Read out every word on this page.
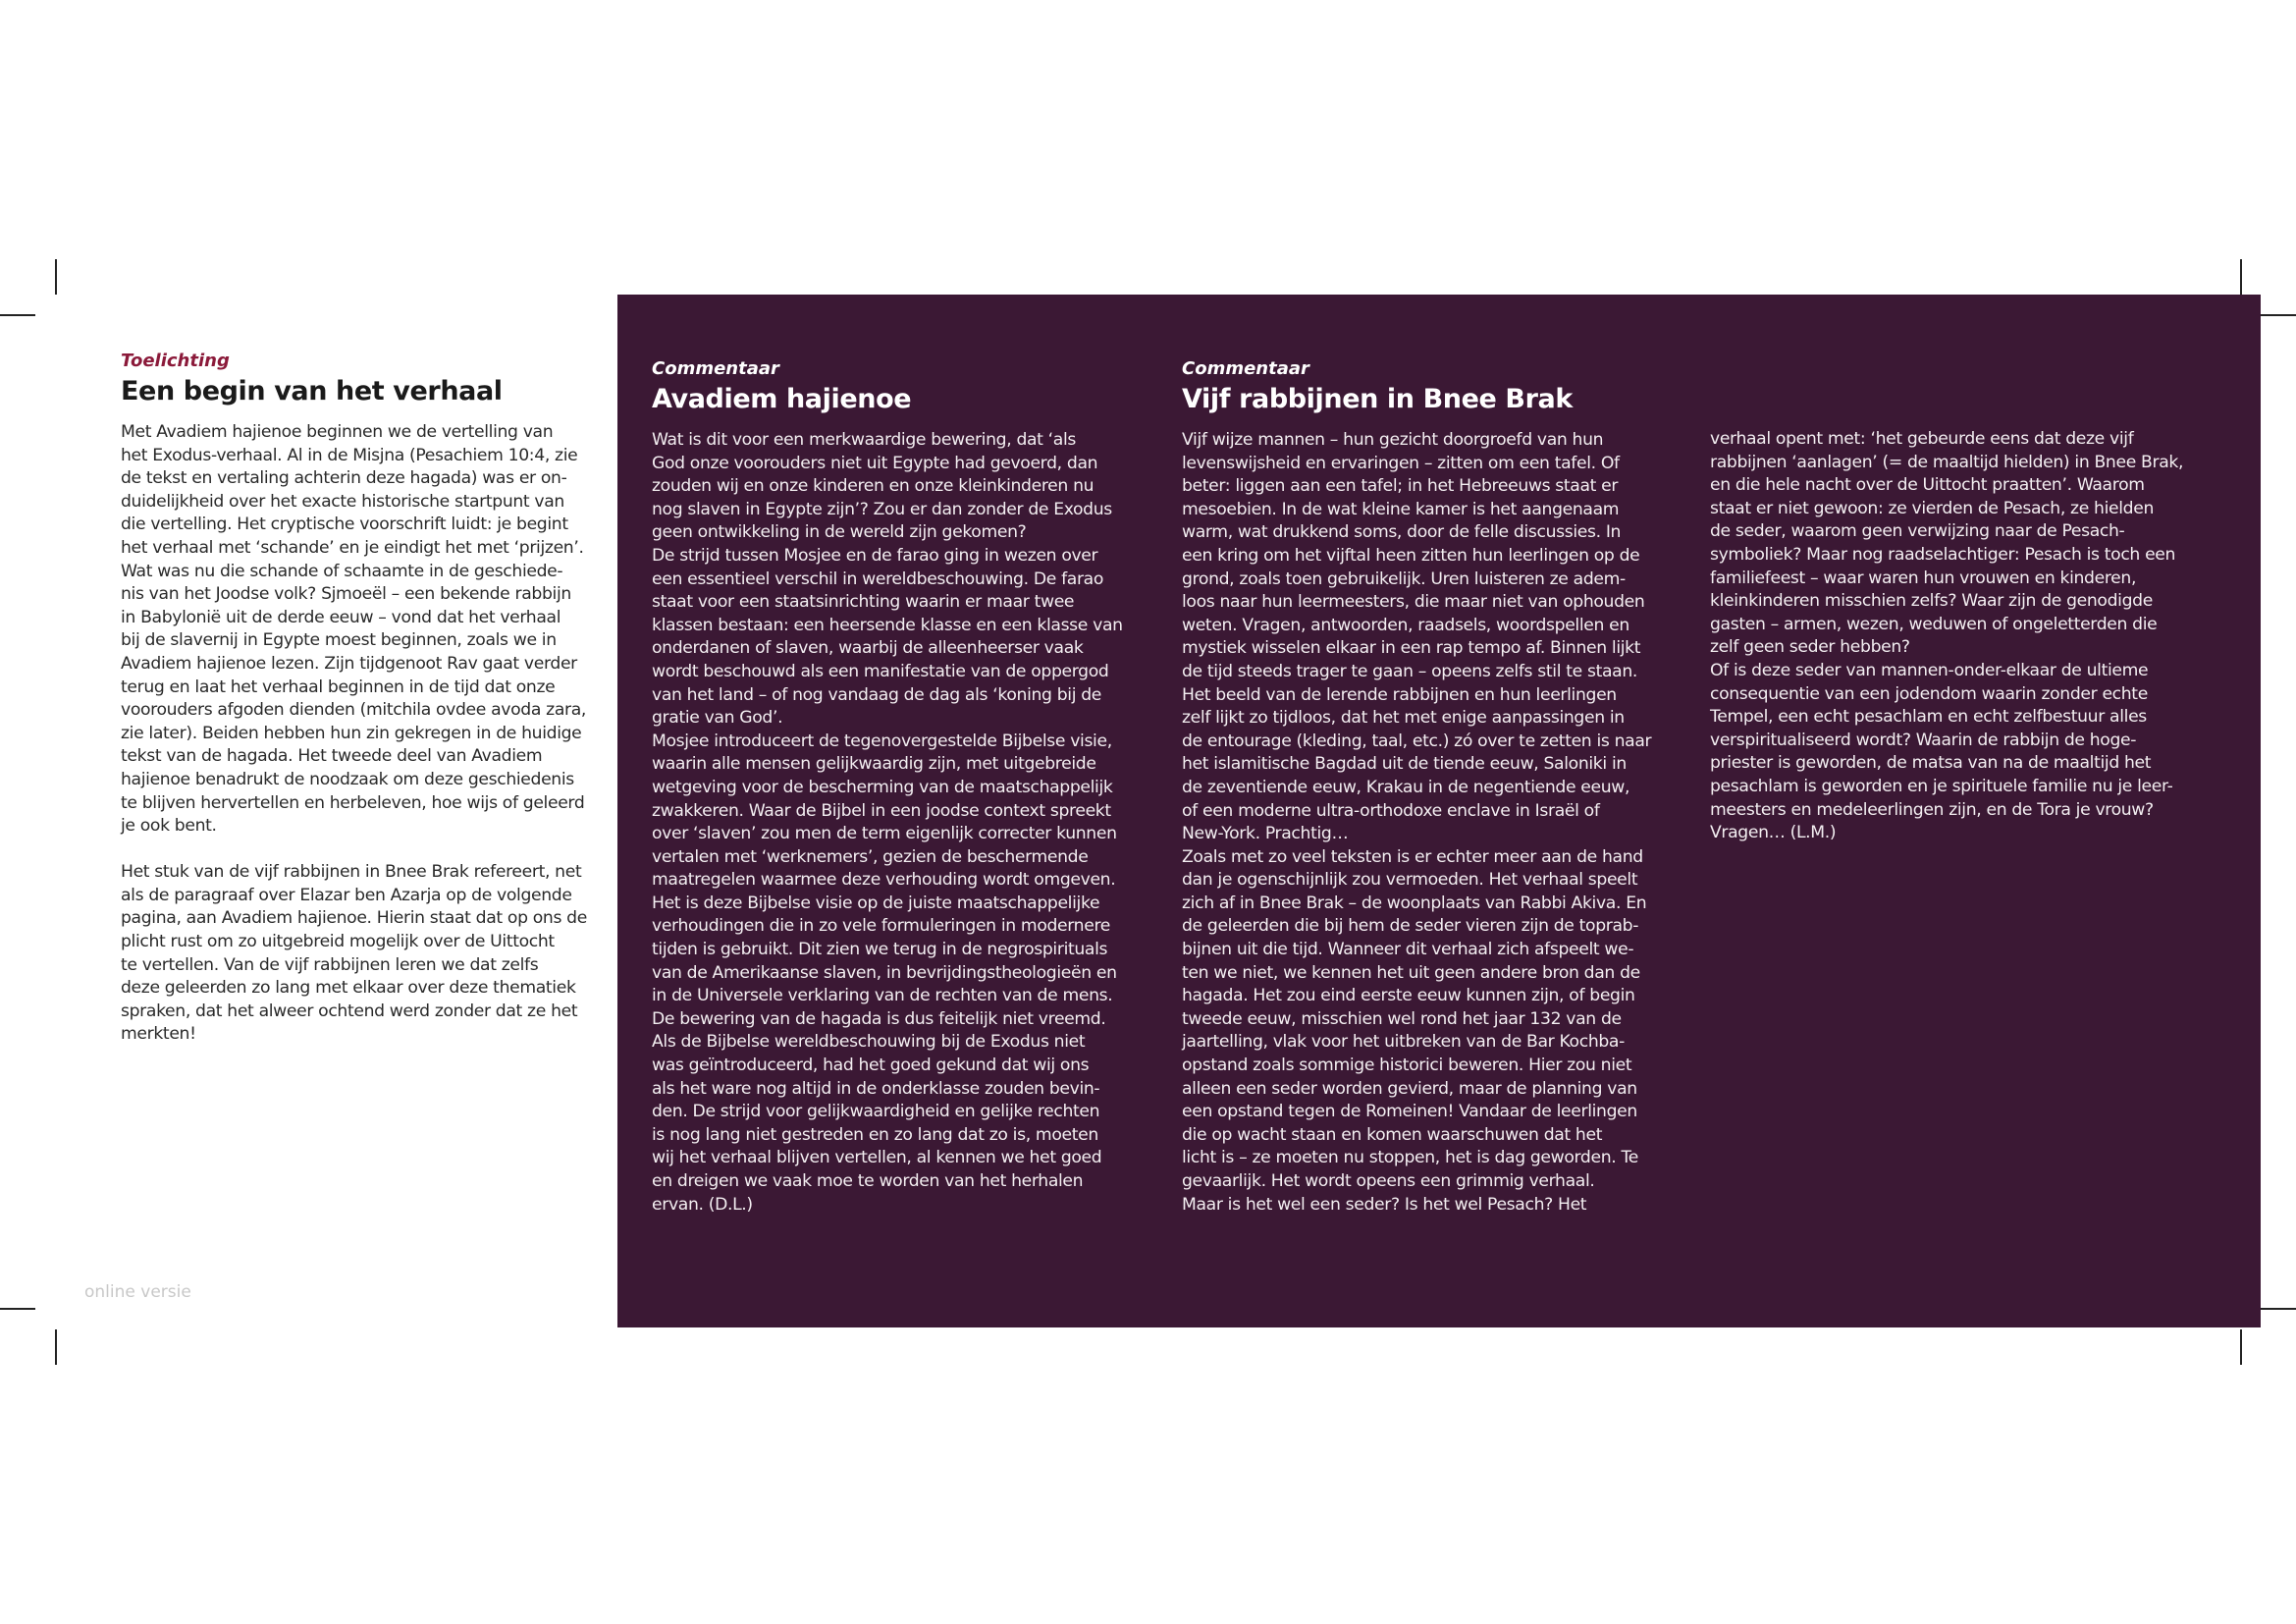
Toelichting
Een begin van het verhaal

Met Avadiem hajienoe beginnen we de vertelling van
het Exodus-verhaal. Al in de Misjna (Pesachiem 10:4, zie
de tekst en vertaling achterin deze hagada) was er on-
duidelijkheid over het exacte historische startpunt van
die vertelling. Het cryptische voorschrift luidt: je begint
het verhaal met ‘schande’ en je eindigt het met ‘prijzen’.
Wat was nu die schande of schaamte in de geschiede-
nis van het Joodse volk? Sjmoeël – een bekende rabbijn
in Babylonië uit de derde eeuw – vond dat het verhaal
bij de slavernij in Egypte moest beginnen, zoals we in
Avadiem hajienoe lezen. Zijn tijdgenoot Rav gaat verder
terug en laat het verhaal beginnen in de tijd dat onze
voorouders afgoden dienden (mitchila ovdee avoda zara,
zie later). Beiden hebben hun zin gekregen in de huidige
tekst van de hagada. Het tweede deel van Avadiem
hajienoe benadrukt de noodzaak om deze geschiedenis
te blijven hervertellen en herbeleven, hoe wijs of geleerd
je ook bent.

Het stuk van de vijf rabbijnen in Bnee Brak refereert, net
als de paragraaf over Elazar ben Azarja op de volgende
pagina, aan Avadiem hajienoe. Hierin staat dat op ons de
plicht rust om zo uitgebreid mogelijk over de Uittocht
te vertellen. Van de vijf rabbijnen leren we dat zelfs
deze geleerden zo lang met elkaar over deze thematiek
spraken, dat het alweer ochtend werd zonder dat ze het
merkten!

Commentaar
Avadiem hajienoe

Wat is dit voor een merkwaardige bewering, dat ‘als
God onze voorouders niet uit Egypte had gevoerd, dan
zouden wij en onze kinderen en onze kleinkinderen nu
nog slaven in Egypte zijn’? Zou er dan zonder de Exodus
geen ontwikkeling in de wereld zijn gekomen?
De strijd tussen Mosjee en de farao ging in wezen over
een essentieel verschil in wereldbeschouwing. De farao
staat voor een staatsinrichting waarin er maar twee
klassen bestaan: een heersende klasse en een klasse van
onderdanen of slaven, waarbij de alleenheerser vaak
wordt beschouwd als een manifestatie van de oppergod
van het land – of nog vandaag de dag als ‘koning bij de
gratie van God’.
Mosjee introduceert de tegenovergestelde Bijbelse visie,
waarin alle mensen gelijkwaardig zijn, met uitgebreide
wetgeving voor de bescherming van de maatschappelijk
zwakkeren. Waar de Bijbel in een joodse context spreekt
over ‘slaven’ zou men de term eigenlijk correcter kunnen
vertalen met ‘werknemers’, gezien de beschermende
maatregelen waarmee deze verhouding wordt omgeven.
Het is deze Bijbelse visie op de juiste maatschappelijke
verhoudingen die in zo vele formuleringen in modernere
tijden is gebruikt. Dit zien we terug in de negrospirituals
van de Amerikaanse slaven, in bevrijdingstheologieën en
in de Universele verklaring van de rechten van de mens.
De bewering van de hagada is dus feitelijk niet vreemd.
Als de Bijbelse wereldbeschouwing bij de Exodus niet
was geïntroduceerd, had het goed gekund dat wij ons
als het ware nog altijd in de onderklasse zouden bevin-
den. De strijd voor gelijkwaardigheid en gelijke rechten
is nog lang niet gestreden en zo lang dat zo is, moeten
wij het verhaal blijven vertellen, al kennen we het goed
en dreigen we vaak moe te worden van het herhalen
ervan. (D.L.)

Commentaar
Vijf rabbijnen in Bnee Brak

Vijf wijze mannen – hun gezicht doorgroefd van hun
levenswijsheid en ervaringen – zitten om een tafel. Of
beter: liggen aan een tafel; in het Hebreeuws staat er
mesoebien. In de wat kleine kamer is het aangenaam
warm, wat drukkend soms, door de felle discussies. In
een kring om het vijftal heen zitten hun leerlingen op de
grond, zoals toen gebruikelijk. Uren luisteren ze adem-
loos naar hun leermeesters, die maar niet van ophouden
weten. Vragen, antwoorden, raadsels, woordspellen en
mystiek wisselen elkaar in een rap tempo af. Binnen lijkt
de tijd steeds trager te gaan – opeens zelfs stil te staan.
Het beeld van de lerende rabbijnen en hun leerlingen
zelf lijkt zo tijdloos, dat het met enige aanpassingen in
de entourage (kleding, taal, etc.) zó over te zetten is naar
het islamitische Bagdad uit de tiende eeuw, Saloniki in
de zeventiende eeuw, Krakau in de negentiende eeuw,
of een moderne ultra-orthodoxe enclave in Israël of
New-York. Prachtig…
Zoals met zo veel teksten is er echter meer aan de hand
dan je ogenschijnlijk zou vermoeden. Het verhaal speelt
zich af in Bnee Brak – de woonplaats van Rabbi Akiva. En
de geleerden die bij hem de seder vieren zijn de toprab-
bijnen uit die tijd. Wanneer dit verhaal zich afspeelt we-
ten we niet, we kennen het uit geen andere bron dan de
hagada. Het zou eind eerste eeuw kunnen zijn, of begin
tweede eeuw, misschien wel rond het jaar 132 van de
jaartelling, vlak voor het uitbreken van de Bar Kochba-
opstand zoals sommige historici beweren. Hier zou niet
alleen een seder worden gevierd, maar de planning van
een opstand tegen de Romeinen! Vandaar de leerlingen
die op wacht staan en komen waarschuwen dat het
licht is – ze moeten nu stoppen, het is dag geworden. Te
gevaarlijk. Het wordt opeens een grimmig verhaal.
Maar is het wel een seder? Is het wel Pesach? Het

verhaal opent met: ‘het gebeurde eens dat deze vijf
rabbijnen ‘aanlagen’ (= de maaltijd hielden) in Bnee Brak,
en die hele nacht over de Uittocht praatten’. Waarom
staat er niet gewoon: ze vierden de Pesach, ze hielden
de seder, waarom geen verwijzing naar de Pesach-
symboliek? Maar nog raadselachtiger: Pesach is toch een
familiefeest – waar waren hun vrouwen en kinderen,
kleinkinderen misschien zelfs? Waar zijn de genodigde
gasten – armen, wezen, weduwen of ongeletterden die
zelf geen seder hebben?
Of is deze seder van mannen-onder-elkaar de ultieme
consequentie van een jodendom waarin zonder echte
Tempel, een echt pesachlam en echt zelfbestuur alles
verspiritualiseerd wordt? Waarin de rabbijn de hoge-
priester is geworden, de matsa van na de maaltijd het
pesachlam is geworden en je spirituele familie nu je leer-
meesters en medeleerlingen zijn, en de Tora je vrouw?
Vragen… (L.M.)

online versie
